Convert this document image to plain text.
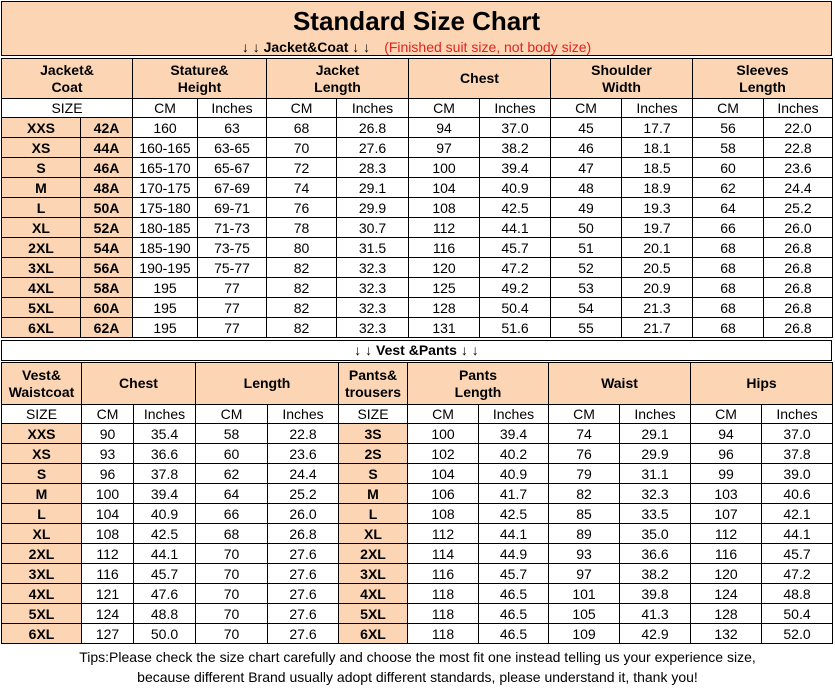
Standard Size Chart
↓ ↓ Jacket&Coat ↓ ↓ (Finished suit size, not body size)
Jacket&
Coat		Stature&
Height		Jacket
Length		Chest		Shoulder
Width		Sleeves
Length	
SIZE		CM	Inches	CM	Inches	CM	Inches	CM	Inches	CM	Inches
XXS	42A	160	63	68	26.8	94	37.0	45	17.7	56	22.0
XS	44A	160-165	63-65	70	27.6	97	38.2	46	18.1	58	22.8
S	46A	165-170	65-67	72	28.3	100	39.4	47	18.5	60	23.6
M	48A	170-175	67-69	74	29.1	104	40.9	48	18.9	62	24.4
L	50A	175-180	69-71	76	29.9	108	42.5	49	19.3	64	25.2
XL	52A	180-185	71-73	78	30.7	112	44.1	50	19.7	66	26.0
2XL	54A	185-190	73-75	80	31.5	116	45.7	51	20.1	68	26.8
3XL	56A	190-195	75-77	82	32.3	120	47.2	52	20.5	68	26.8
4XL	58A	195	77	82	32.3	125	49.2	53	20.9	68	26.8
5XL	60A	195	77	82	32.3	128	50.4	54	21.3	68	26.8
6XL	62A	195	77	82	32.3	131	51.6	55	21.7	68	26.8
↓ ↓ Vest &Pants ↓ ↓
Vest&
Waistcoat	Chest		Length		Pants&
trousers	Pants
Length		Waist		Hips	
SIZE	CM	Inches	CM	Inches	SIZE	CM	Inches	CM	Inches	CM	Inches
XXS	90	35.4	58	22.8	3S	100	39.4	74	29.1	94	37.0
XS	93	36.6	60	23.6	2S	102	40.2	76	29.9	96	37.8
S	96	37.8	62	24.4	S	104	40.9	79	31.1	99	39.0
M	100	39.4	64	25.2	M	106	41.7	82	32.3	103	40.6
L	104	40.9	66	26.0	L	108	42.5	85	33.5	107	42.1
XL	108	42.5	68	26.8	XL	112	44.1	89	35.0	112	44.1
2XL	112	44.1	70	27.6	2XL	114	44.9	93	36.6	116	45.7
3XL	116	45.7	70	27.6	3XL	116	45.7	97	38.2	120	47.2
4XL	121	47.6	70	27.6	4XL	118	46.5	101	39.8	124	48.8
5XL	124	48.8	70	27.6	5XL	118	46.5	105	41.3	128	50.4
6XL	127	50.0	70	27.6	6XL	118	46.5	109	42.9	132	52.0
Tips:Please check the size chart carefully and choose the most fit one instead telling us your experience size,
because different Brand usually adopt different standards, please understand it, thank you!
